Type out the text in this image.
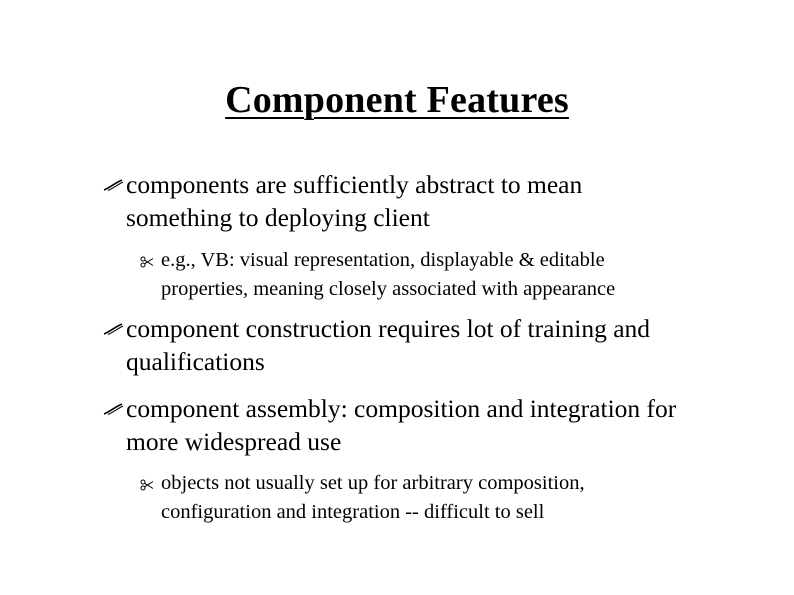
Component Features
components are sufficiently abstract to mean
something to deploying client
e.g., VB: visual representation, displayable & editable
properties, meaning closely associated with appearance
component construction requires lot of training and
qualifications
component assembly: composition and integration for
more widespread use
objects not usually set up for arbitrary composition,
configuration and integration -- difficult to sell
